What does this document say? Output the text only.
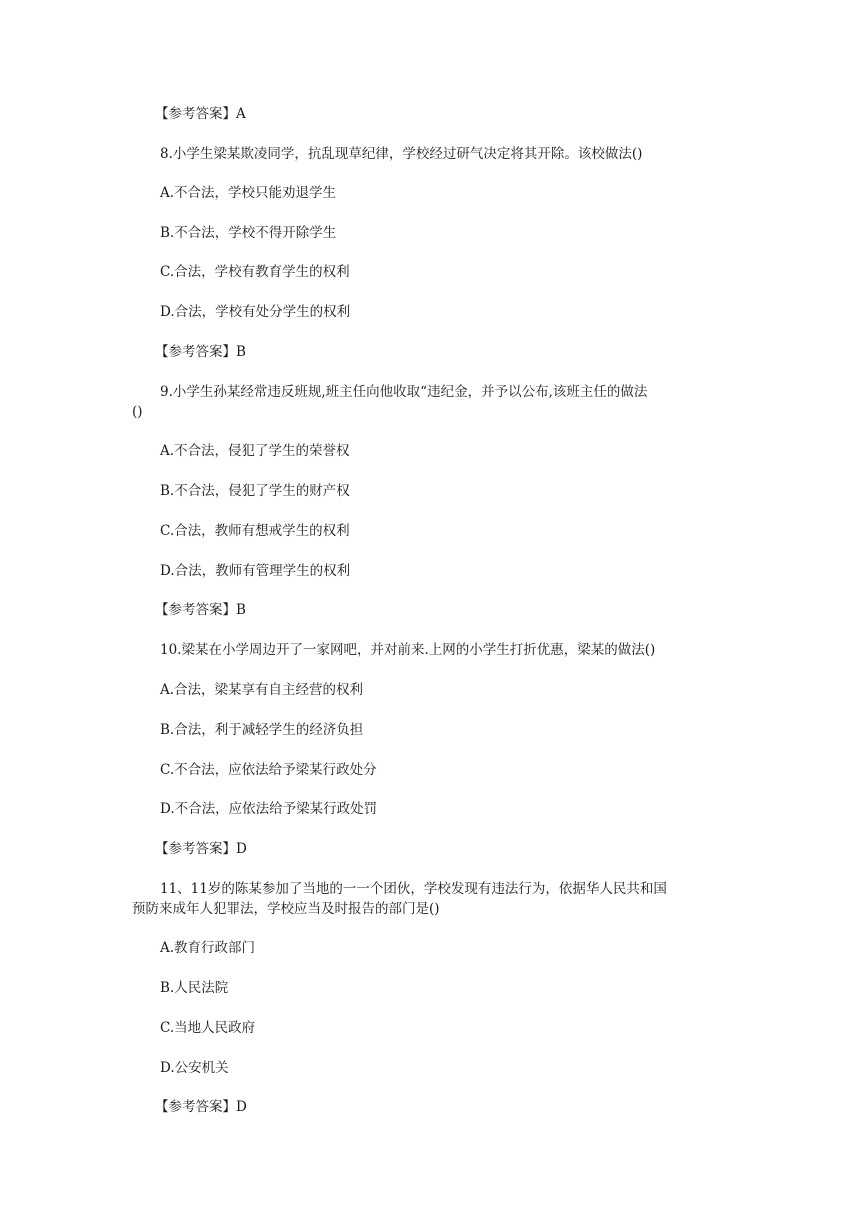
【参考答案】A
8.小学生梁某欺凌同学，抗乱现草纪律，学校经过研气决定将其开除。该校做法()
A.不合法，学校只能劝退学生
B.不合法，学校不得开除学生
C.合法，学校有教育学生的权利
D.合法，学校有处分学生的权利
【参考答案】B
9.小学生孙某经常违反班规,班主任向他收取“违纪金，并予以公布,该班主任的做法
()
A.不合法，侵犯了学生的荣誉权
B.不合法，侵犯了学生的财产权
C.合法，教师有想戒学生的权利
D.合法，教师有管理学生的权利
【参考答案】B
10.梁某在小学周边开了一家网吧，并对前来.上网的小学生打折优惠，梁某的做法()
A.合法，梁某享有自主经营的权利
B.合法，利于减轻学生的经济负担
C.不合法，应依法给予梁某行政处分
D.不合法，应依法给予梁某行政处罚
【参考答案】D
11、11岁的陈某参加了当地的一一个团伙，学校发现有违法行为，依据华人民共和国
预防来成年人犯罪法，学校应当及时报告的部门是()
A.教育行政部门
B.人民法院
C.当地人民政府
D.公安机关
【参考答案】D
